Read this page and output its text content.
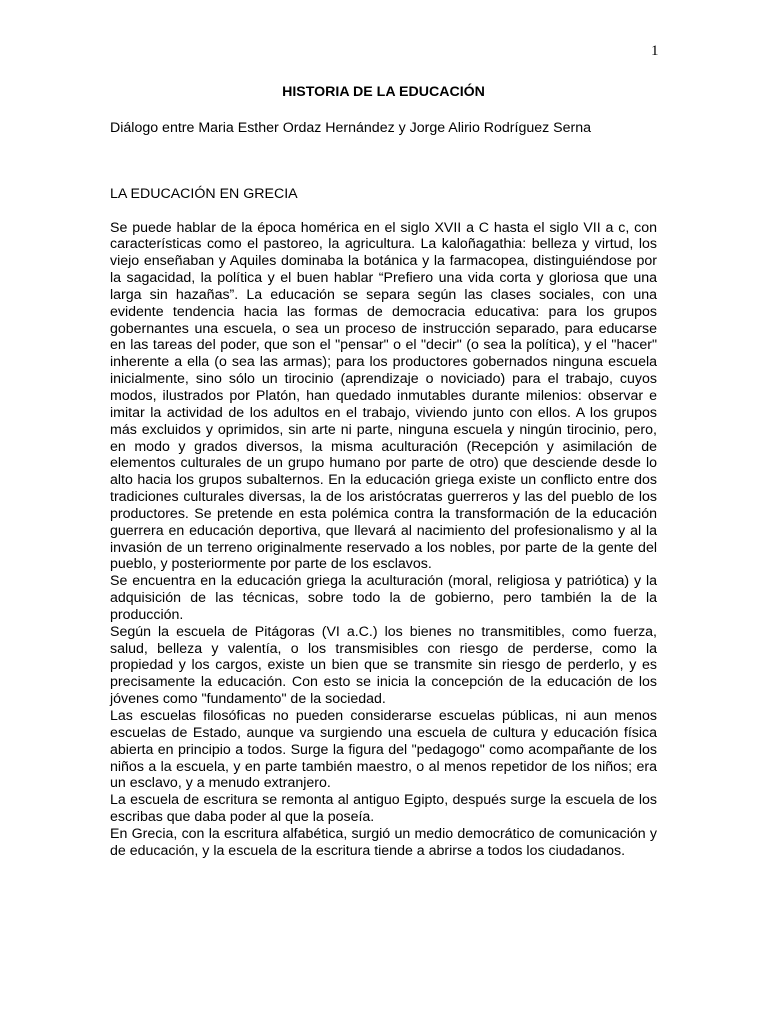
1

HISTORIA DE LA EDUCACIÓN

Diálogo entre Maria Esther Ordaz Hernández y Jorge Alirio Rodríguez Serna

LA EDUCACIÓN EN GRECIA

Se puede hablar de la época homérica en el siglo XVII a C hasta el siglo VII a c, con características como el pastoreo, la agricultura. La kaloñagathia: belleza y virtud, los viejo enseñaban y Aquiles dominaba la botánica y la farmacopea, distinguiéndose por la sagacidad, la política y el buen hablar “Prefiero una vida corta y gloriosa que una larga sin hazañas”. La educación se separa según las clases sociales, con una evidente tendencia hacia las formas de democracia educativa: para los grupos gobernantes una escuela, o sea un proceso de instrucción separado, para educarse en las tareas del poder, que son el "pensar" o el "decir" (o sea la política), y el "hacer" inherente a ella (o sea las armas); para los productores gobernados ninguna escuela inicialmente, sino sólo un tirocinio (aprendizaje o noviciado) para el trabajo, cuyos modos, ilustrados por Platón, han quedado inmutables durante milenios: observar e imitar la actividad de los adultos en el trabajo, viviendo junto con ellos. A los grupos más excluidos y oprimidos, sin arte ni parte, ninguna escuela y ningún tirocinio, pero, en modo y grados diversos, la misma aculturación (Recepción y asimilación de elementos culturales de un grupo humano por parte de otro) que desciende desde lo alto hacia los grupos subalternos. En la educación griega existe un conflicto entre dos tradiciones culturales diversas, la de los aristócratas guerreros y las del pueblo de los productores. Se pretende en esta polémica contra la transformación de la educación guerrera en educación deportiva, que llevará al nacimiento del profesionalismo y al la invasión de un terreno originalmente reservado a los nobles, por parte de la gente del pueblo, y posteriormente por parte de los esclavos.

Se encuentra en la educación griega la aculturación (moral, religiosa y patriótica) y la adquisición de las técnicas, sobre todo la de gobierno, pero también la de la producción.

Según la escuela de Pitágoras (VI a.C.) los bienes no transmitibles, como fuerza, salud, belleza y valentía, o los transmisibles con riesgo de perderse, como la propiedad y los cargos, existe un bien que se transmite sin riesgo de perderlo, y es precisamente la educación. Con esto se inicia la concepción de la educación de los jóvenes como "fundamento" de la sociedad.

Las escuelas filosóficas no pueden considerarse escuelas públicas, ni aun menos escuelas de Estado, aunque va surgiendo una escuela de cultura y educación física abierta en principio a todos. Surge la figura del "pedagogo" como acompañante de los niños a la escuela, y en parte también maestro, o al menos repetidor de los niños; era un esclavo, y a menudo extranjero.

La escuela de escritura se remonta al antiguo Egipto, después surge la escuela de los escribas que daba poder al que la poseía.

En Grecia, con la escritura alfabética, surgió un medio democrático de comunicación y de educación, y la escuela de la escritura tiende a abrirse a todos los ciudadanos.
